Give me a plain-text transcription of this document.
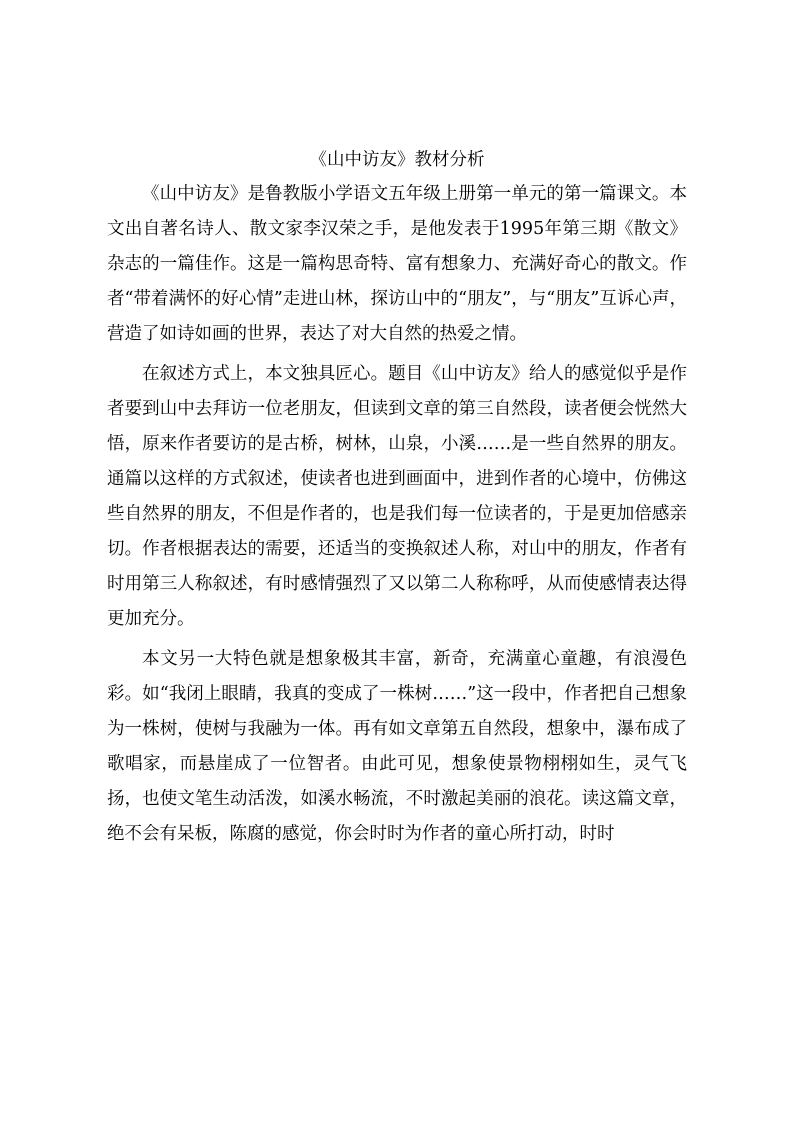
《山中访友》教材分析

《山中访友》是鲁教版小学语文五年级上册第一单元的第一篇课文。本文出自著名诗人、散文家李汉荣之手，是他发表于1995年第三期《散文》杂志的一篇佳作。这是一篇构思奇特、富有想象力、充满好奇心的散文。作者“带着满怀的好心情”走进山林，探访山中的“朋友”，与“朋友”互诉心声，营造了如诗如画的世界，表达了对大自然的热爱之情。

在叙述方式上，本文独具匠心。题目《山中访友》给人的感觉似乎是作者要到山中去拜访一位老朋友，但读到文章的第三自然段，读者便会恍然大悟，原来作者要访的是古桥，树林，山泉，小溪……是一些自然界的朋友。通篇以这样的方式叙述，使读者也进到画面中，进到作者的心境中，仿佛这些自然界的朋友，不但是作者的，也是我们每一位读者的，于是更加倍感亲切。作者根据表达的需要，还适当的变换叙述人称，对山中的朋友，作者有时用第三人称叙述，有时感情强烈了又以第二人称称呼，从而使感情表达得更加充分。

本文另一大特色就是想象极其丰富，新奇，充满童心童趣，有浪漫色彩。如“我闭上眼睛，我真的变成了一株树……”这一段中，作者把自己想象为一株树，使树与我融为一体。再有如文章第五自然段，想象中，瀑布成了歌唱家，而悬崖成了一位智者。由此可见，想象使景物栩栩如生，灵气飞扬，也使文笔生动活泼，如溪水畅流，不时激起美丽的浪花。读这篇文章，绝不会有呆板，陈腐的感觉，你会时时为作者的童心所打动，时时
